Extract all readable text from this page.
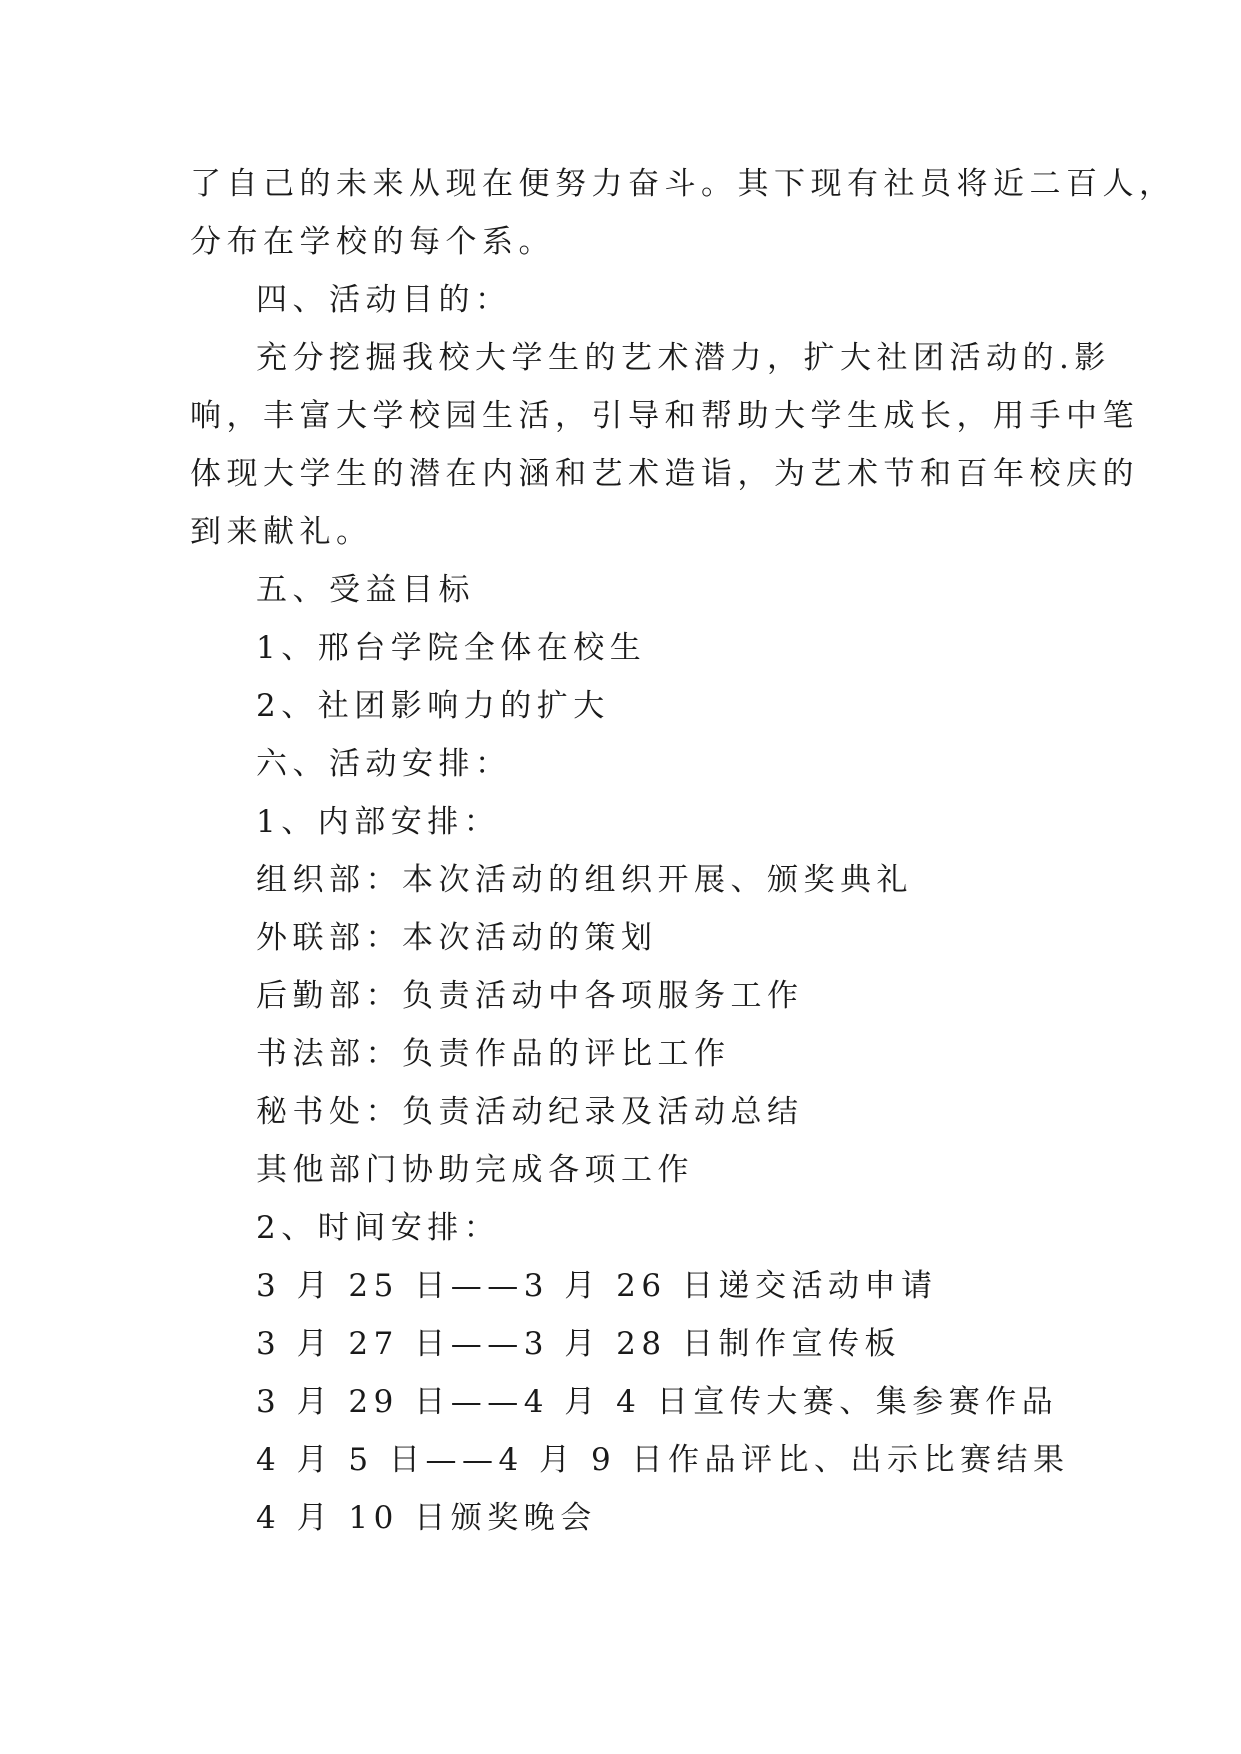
了自己的未来从现在便努力奋斗。其下现有社员将近二百人，
分布在学校的每个系。
四、活动目的：
充分挖掘我校大学生的艺术潜力，扩大社团活动的.影
响，丰富大学校园生活，引导和帮助大学生成长，用手中笔
体现大学生的潜在内涵和艺术造诣，为艺术节和百年校庆的
到来献礼。
五、受益目标
1、邢台学院全体在校生
2、社团影响力的扩大
六、活动安排：
1、内部安排：
组织部：本次活动的组织开展、颁奖典礼
外联部：本次活动的策划
后勤部：负责活动中各项服务工作
书法部：负责作品的评比工作
秘书处：负责活动纪录及活动总结
其他部门协助完成各项工作
2、时间安排：
3 月 25 日——3 月 26 日递交活动申请
3 月 27 日——3 月 28 日制作宣传板
3 月 29 日——4 月 4 日宣传大赛、集参赛作品
4 月 5 日——4 月 9 日作品评比、出示比赛结果
4 月 10 日颁奖晚会
